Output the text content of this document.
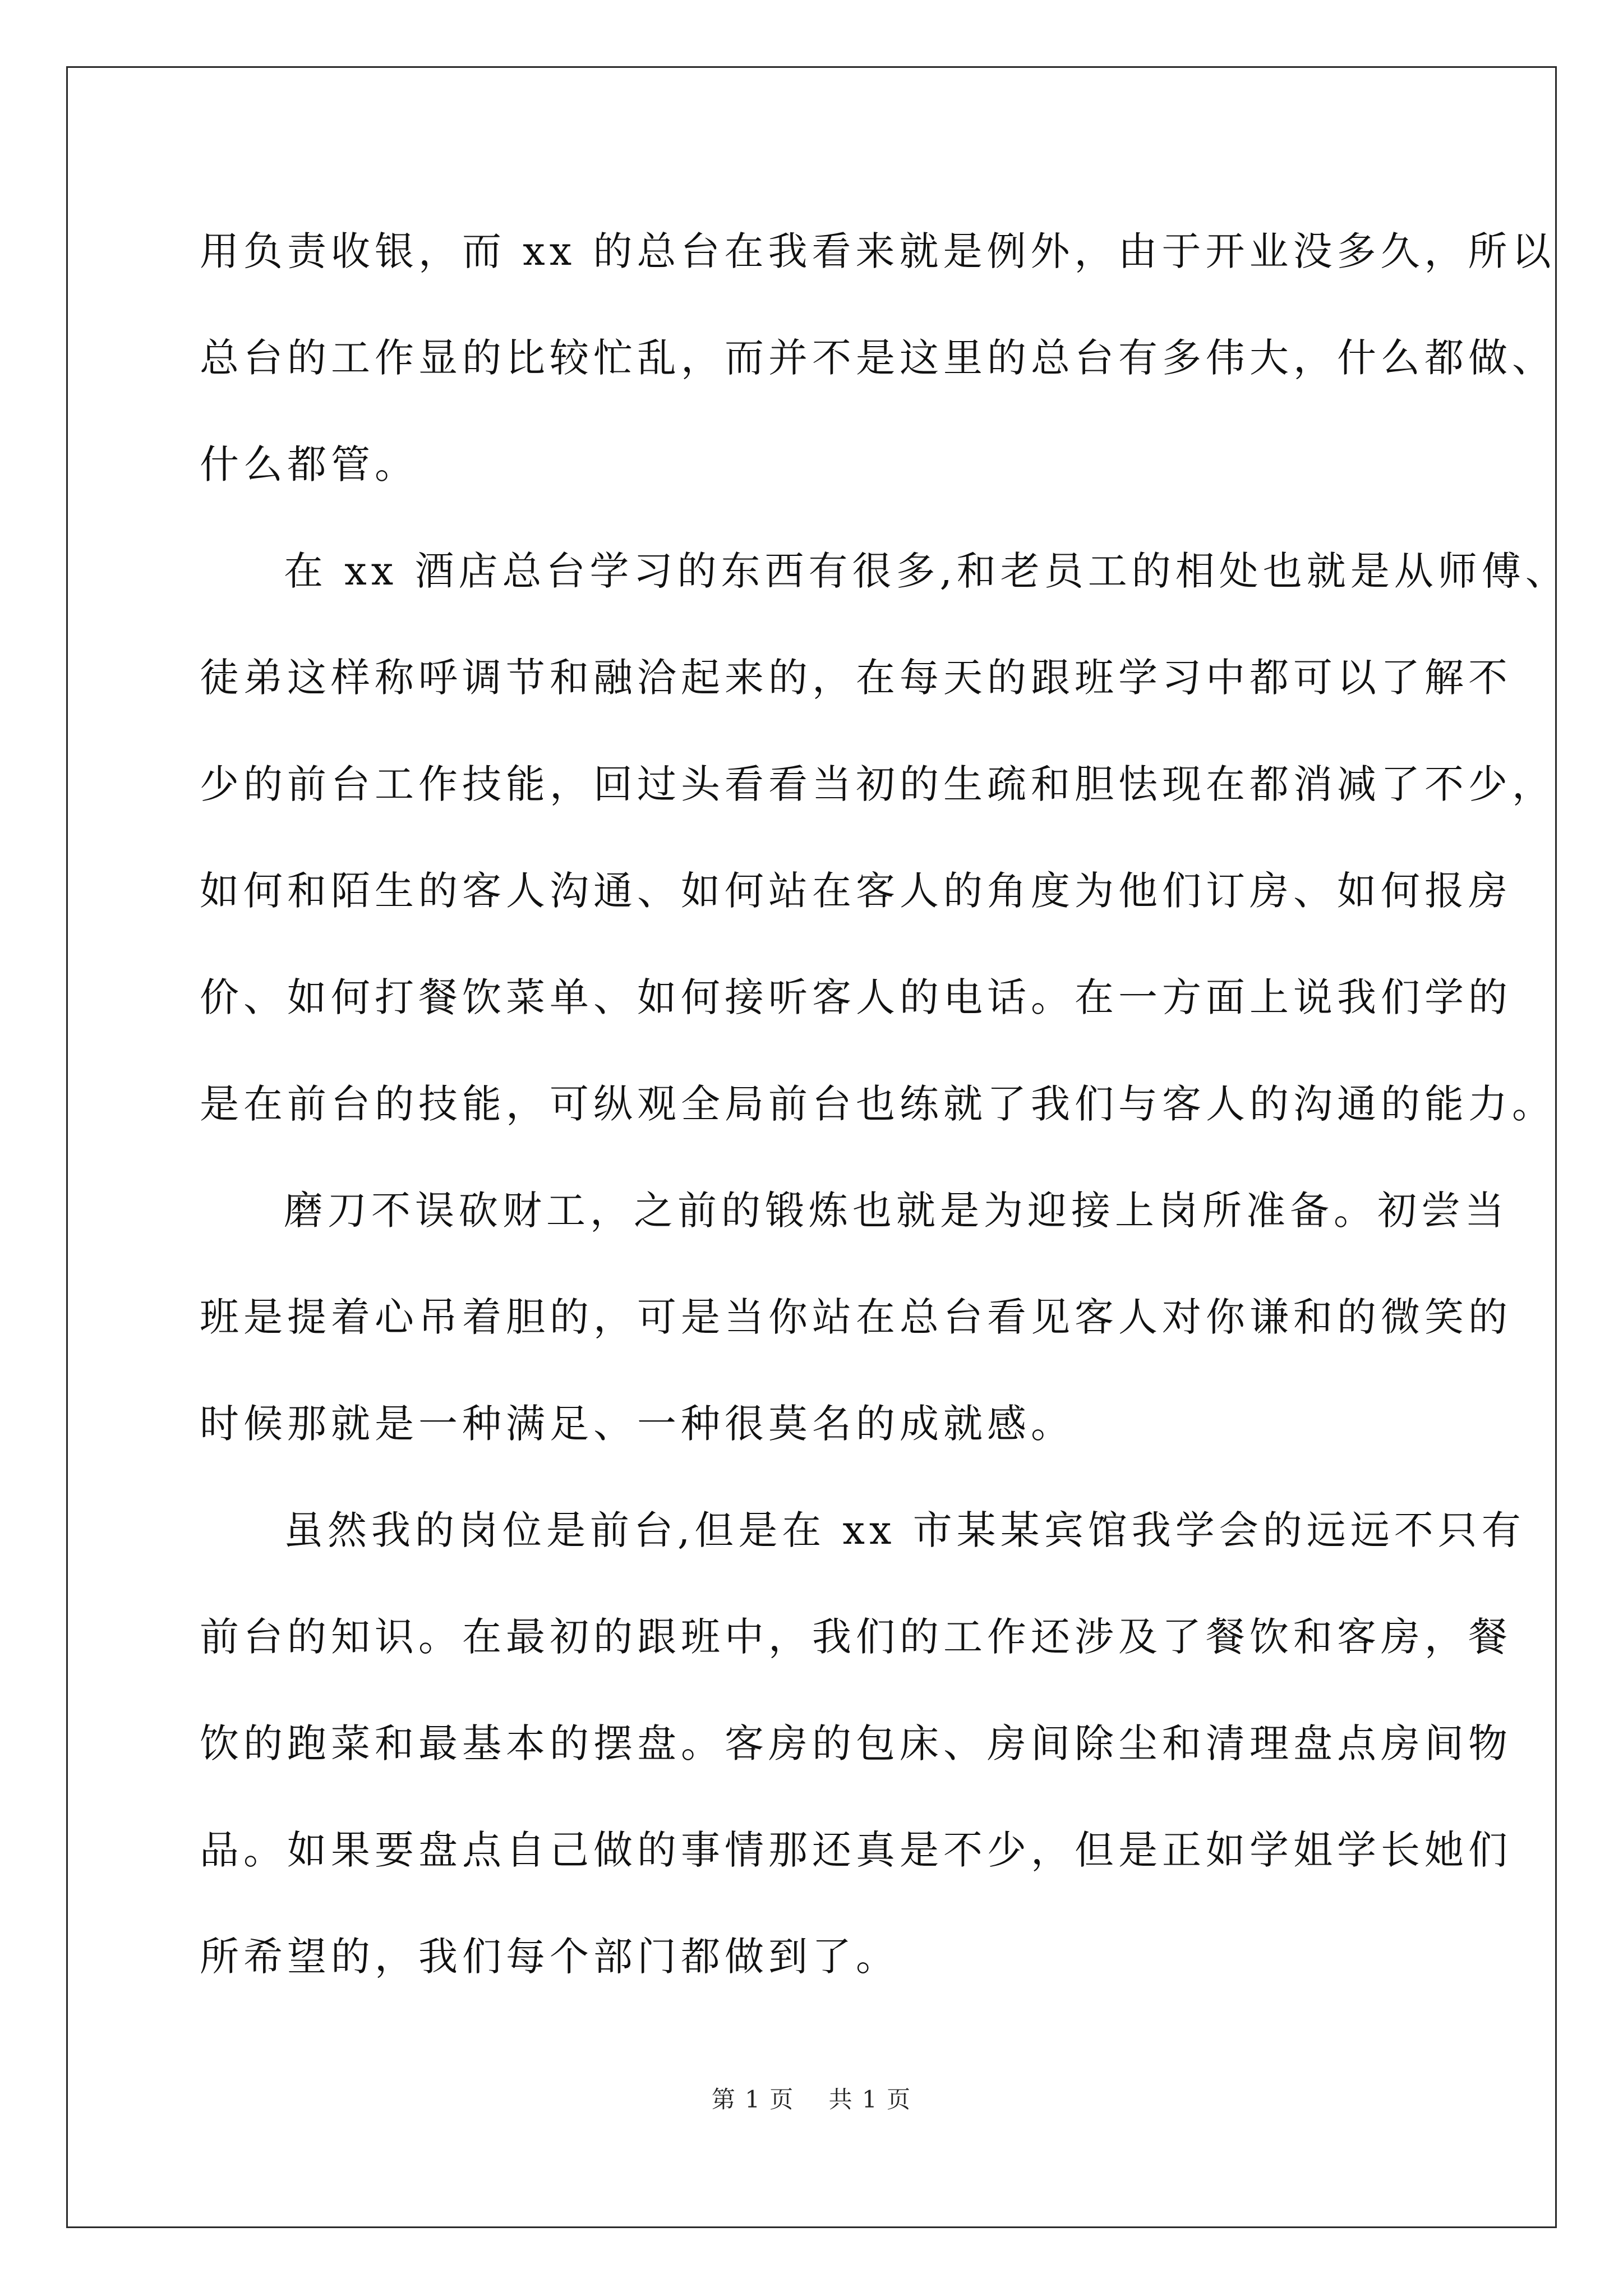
用负责收银，而 xx 的总台在我看来就是例外，由于开业没多久，所以
总台的工作显的比较忙乱，而并不是这里的总台有多伟大，什么都做、
什么都管。
在 xx 酒店总台学习的东西有很多,和老员工的相处也就是从师傅、
徒弟这样称呼调节和融洽起来的，在每天的跟班学习中都可以了解不
少的前台工作技能，回过头看看当初的生疏和胆怯现在都消减了不少，
如何和陌生的客人沟通、如何站在客人的角度为他们订房、如何报房
价、如何打餐饮菜单、如何接听客人的电话。在一方面上说我们学的
是在前台的技能，可纵观全局前台也练就了我们与客人的沟通的能力。
磨刀不误砍财工，之前的锻炼也就是为迎接上岗所准备。初尝当
班是提着心吊着胆的，可是当你站在总台看见客人对你谦和的微笑的
时候那就是一种满足、一种很莫名的成就感。
虽然我的岗位是前台,但是在 xx 市某某宾馆我学会的远远不只有
前台的知识。在最初的跟班中，我们的工作还涉及了餐饮和客房，餐
饮的跑菜和最基本的摆盘。客房的包床、房间除尘和清理盘点房间物
品。如果要盘点自己做的事情那还真是不少，但是正如学姐学长她们
所希望的，我们每个部门都做到了。
第 1 页 共 1 页
